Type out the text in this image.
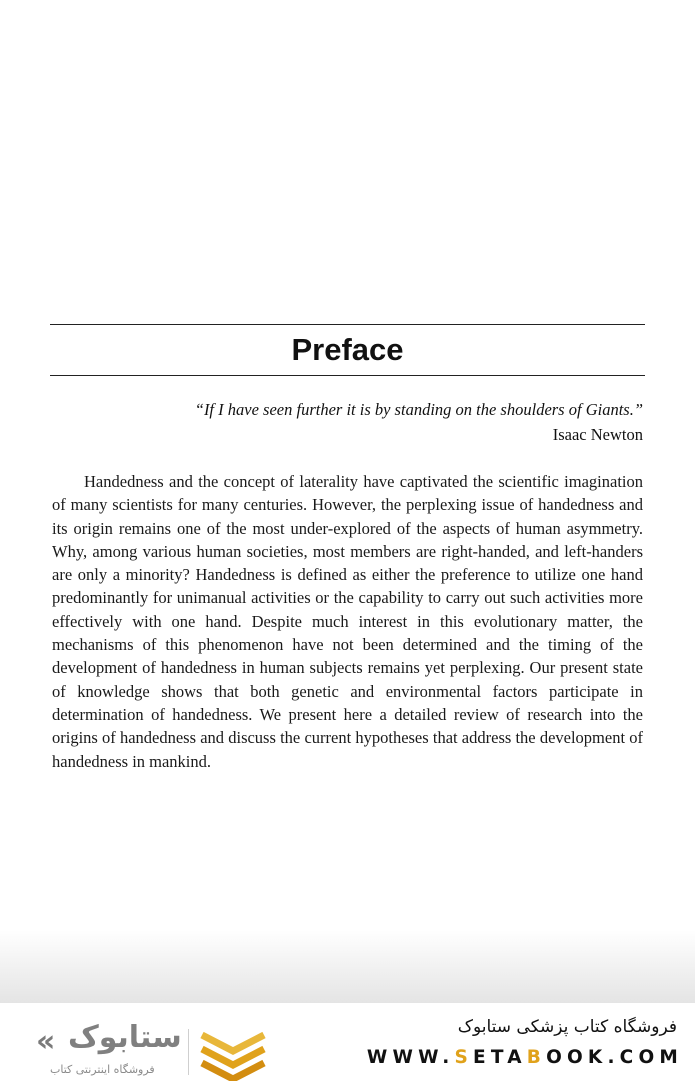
Preface
“If I have seen further it is by standing on the shoulders of Giants.”
Isaac Newton

Handedness and the concept of laterality have captivated the scientific imagination of many scientists for many centuries. However, the perplexing issue of handedness and its origin remains one of the most under-explored of the aspects of human asymmetry. Why, among various human societies, most members are right-handed, and left-handers are only a minority? Handedness is defined as either the preference to utilize one hand predominantly for unimanual activities or the capability to carry out such activities more effectively with one hand. Despite much interest in this evolutionary matter, the mechanisms of this phenomenon have not been determined and the timing of the development of handedness in human subjects remains yet perplexing. Our present state of knowledge shows that both genetic and environmental factors participate in determination of handedness. We present here a detailed review of research into the origins of handedness and discuss the current hypotheses that address the development of handedness in mankind.

« ستابوک
فروشگاه اینترنتی کتاب
فروشگاه کتاب پزشکی ستابوک
WWW.SETABOOK.COM
